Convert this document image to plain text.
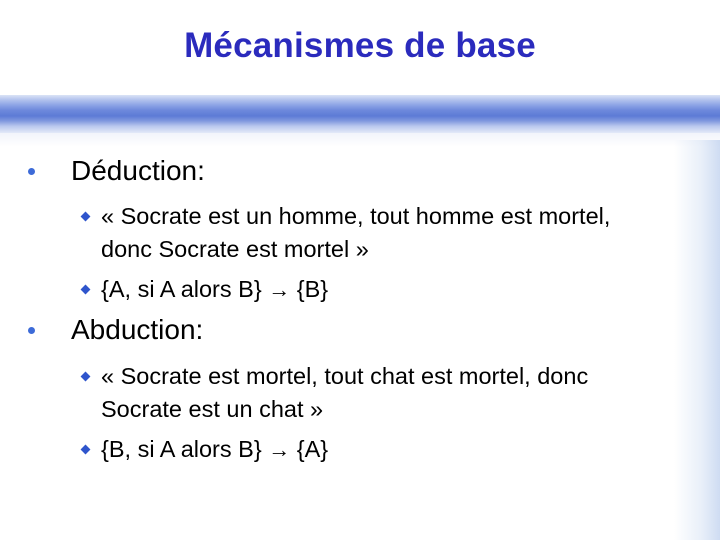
Mécanismes de base
Déduction:
« Socrate est un homme, tout homme est mortel, donc Socrate est mortel »
{A, si A alors B} → {B}
Abduction:
« Socrate est mortel, tout chat est mortel, donc Socrate est un chat »
{B, si A alors B} → {A}
